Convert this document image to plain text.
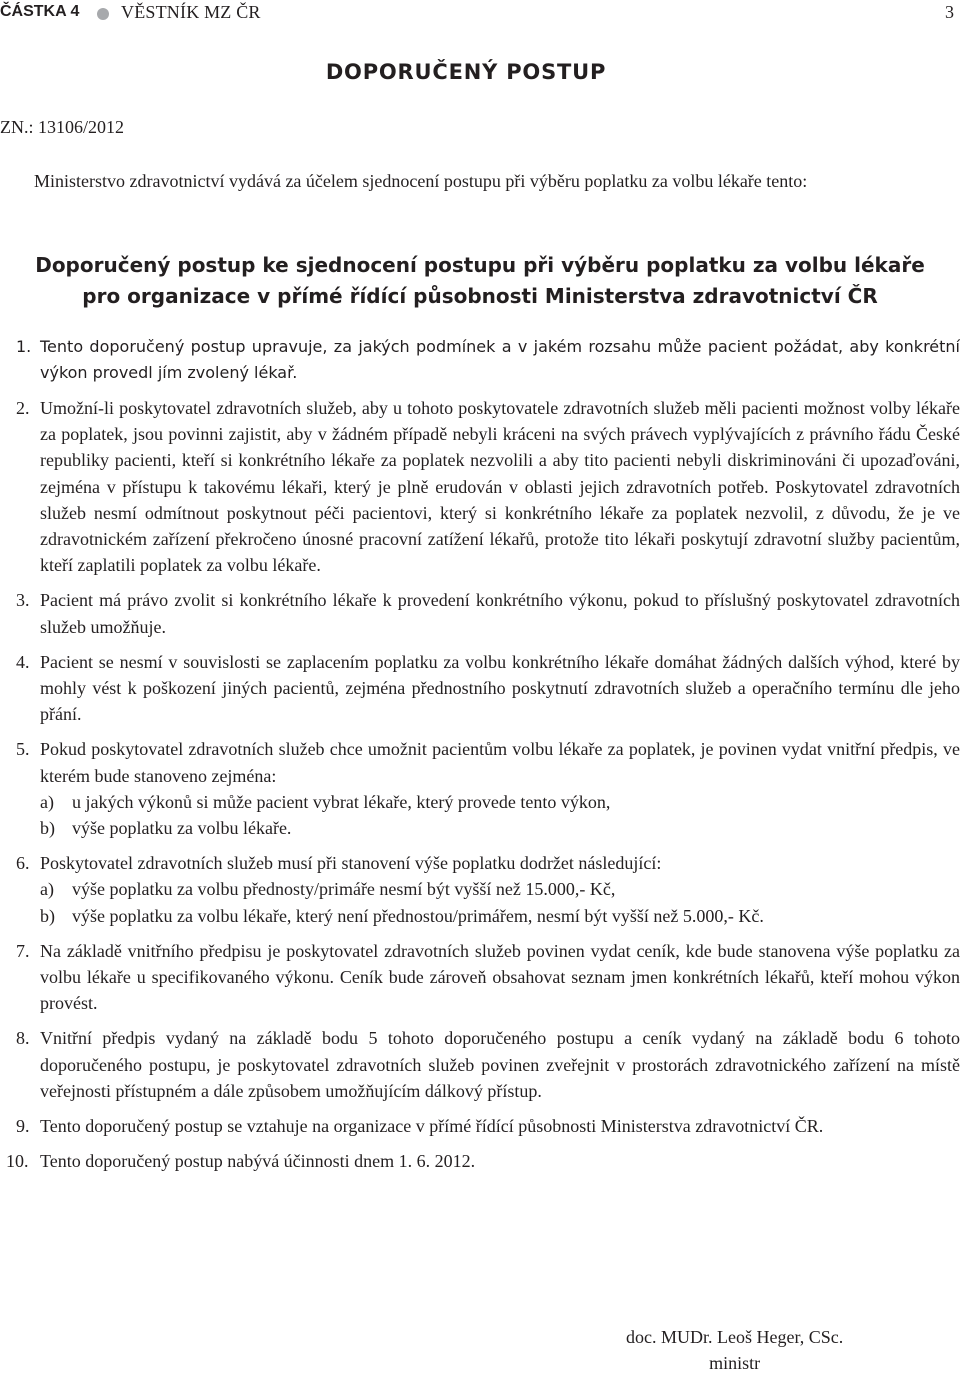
ČÁSTKA 4 VĚSTNÍK MZ ČR	3
DOPORUČENÝ POSTUP
ZN.: 13106/2012
Ministerstvo zdravotnictví vydává za účelem sjednocení postupu při výběru poplatku za volbu lékaře tento:
Doporučený postup ke sjednocení postupu při výběru poplatku za volbu lékaře
pro organizace v přímé řídící působnosti Ministerstva zdravotnictví ČR
1. Tento doporučený postup upravuje, za jakých podmínek a v jakém rozsahu může pacient požádat, aby konkrétní výkon provedl jím zvolený lékař.
2. Umožní-li poskytovatel zdravotních služeb, aby u tohoto poskytovatele zdravotních služeb měli pacienti možnost volby lékaře za poplatek, jsou povinni zajistit, aby v žádném případě nebyli kráceni na svých právech vyplývajících z právního řádu České republiky pacienti, kteří si konkrétního lékaře za poplatek nezvolili a aby tito pacienti nebyli diskriminováni či upozaďováni, zejména v přístupu k takovému lékaři, který je plně erudován v oblasti jejich zdravotních potřeb. Poskytovatel zdravotních služeb nesmí odmítnout poskytnout péči pacientovi, který si konkrétního lékaře za poplatek nezvolil, z důvodu, že je ve zdravotnickém zařízení překročeno únosné pracovní zatížení lékařů, protože tito lékaři poskytují zdravotní služby pacientům, kteří zaplatili poplatek za volbu lékaře.
3. Pacient má právo zvolit si konkrétního lékaře k provedení konkrétního výkonu, pokud to příslušný poskytovatel zdravotních služeb umožňuje.
4. Pacient se nesmí v souvislosti se zaplacením poplatku za volbu konkrétního lékaře domáhat žádných dalších výhod, které by mohly vést k poškození jiných pacientů, zejména přednostního poskytnutí zdravotních služeb a operačního termínu dle jeho přání.
5. Pokud poskytovatel zdravotních služeb chce umožnit pacientům volbu lékaře za poplatek, je povinen vydat vnitřní předpis, ve kterém bude stanoveno zejména:
a) u jakých výkonů si může pacient vybrat lékaře, který provede tento výkon,
b) výše poplatku za volbu lékaře.
6. Poskytovatel zdravotních služeb musí při stanovení výše poplatku dodržet následující:
a) výše poplatku za volbu přednosty/primáře nesmí být vyšší než 15.000,- Kč,
b) výše poplatku za volbu lékaře, který není přednostou/primářem, nesmí být vyšší než 5.000,- Kč.
7. Na základě vnitřního předpisu je poskytovatel zdravotních služeb povinen vydat ceník, kde bude stanovena výše poplatku za volbu lékaře u specifikovaného výkonu. Ceník bude zároveň obsahovat seznam jmen konkrétních lékařů, kteří mohou výkon provést.
8. Vnitřní předpis vydaný na základě bodu 5 tohoto doporučeného postupu a ceník vydaný na základě bodu 6 tohoto doporučeného postupu, je poskytovatel zdravotních služeb povinen zveřejnit v prostorách zdravotnického zařízení na místě veřejnosti přístupném a dále způsobem umožňujícím dálkový přístup.
9. Tento doporučený postup se vztahuje na organizace v přímé řídící působnosti Ministerstva zdravotnictví ČR.
10. Tento doporučený postup nabývá účinnosti dnem 1. 6. 2012.
doc. MUDr. Leoš Heger, CSc.
ministr
